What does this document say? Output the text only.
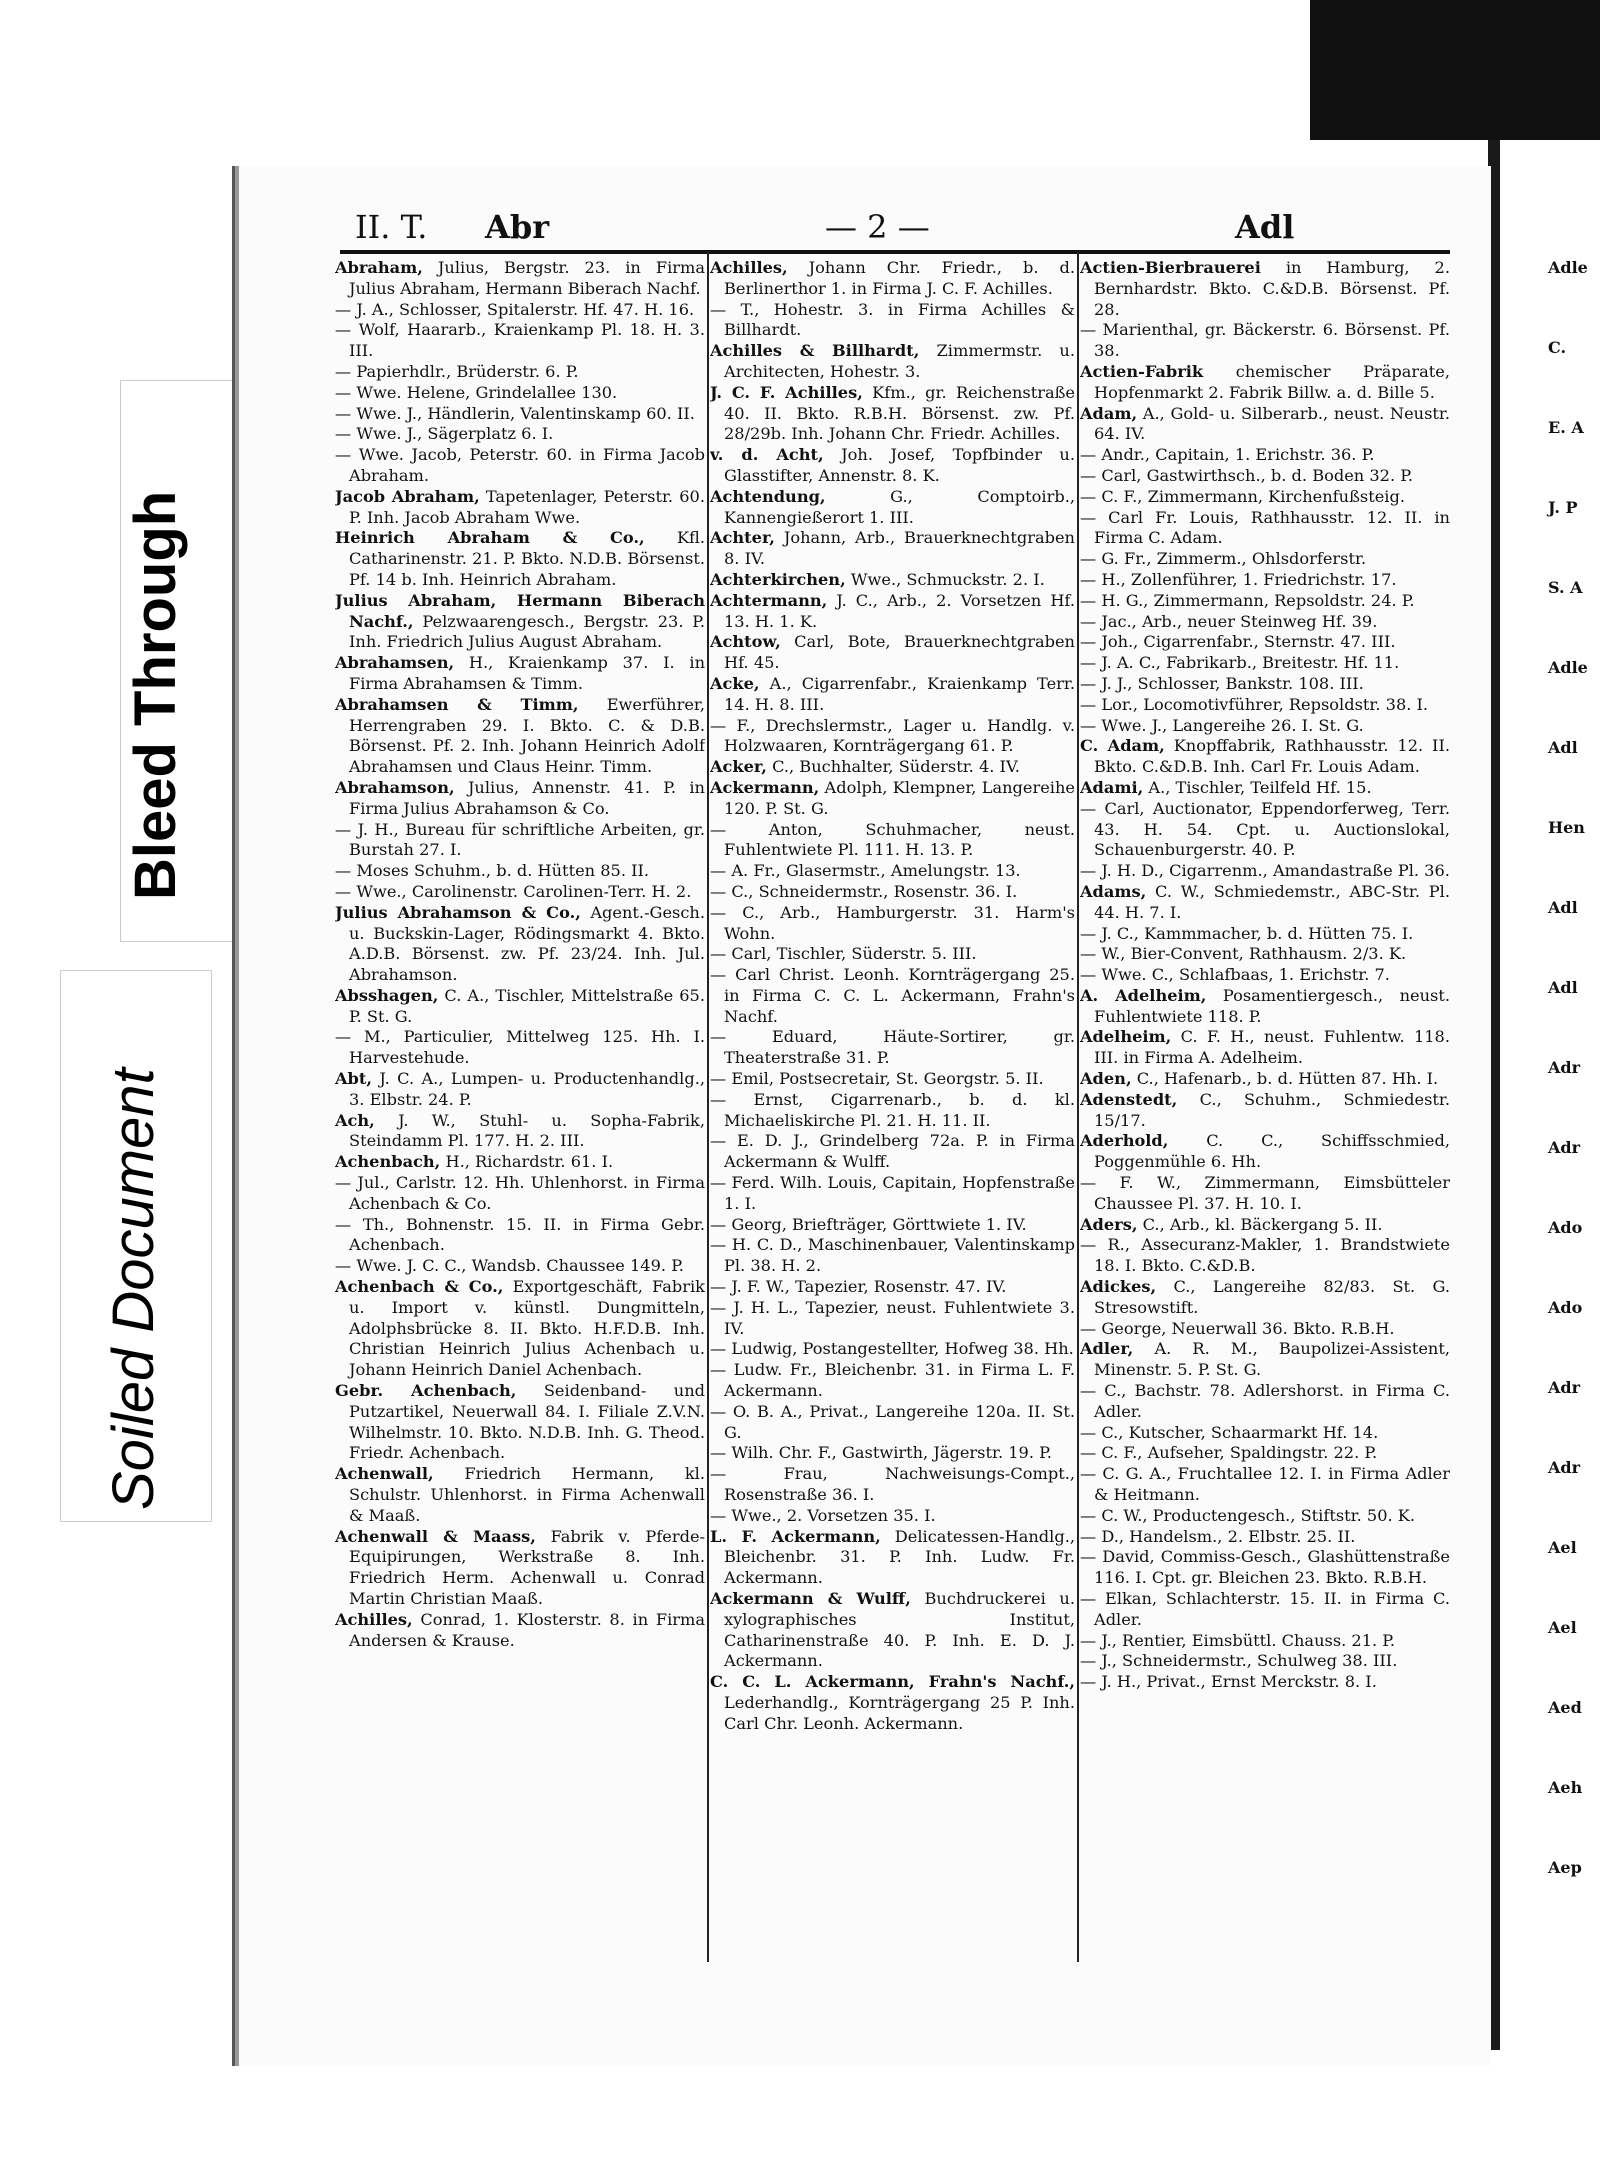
Bleed Through
Soiled Document
II. T. Abr	— 2 —	Adl
Abraham, Julius, Bergstr. 23. in Firma Julius Abraham, Hermann Biberach Nachf.
— J. A., Schlosser, Spitalerstr. Hf. 47. H. 16.
— Wolf, Haararb., Kraienkamp Pl. 18. H. 3. III.
— Papierhdlr., Brüderstr. 6. P.
— Wwe. Helene, Grindelallee 130.
— Wwe. J., Händlerin, Valentinskamp 60. II.
— Wwe. J., Sägerplatz 6. I.
— Wwe. Jacob, Peterstr. 60. in Firma Jacob Abraham.
Jacob Abraham, Tapetenlager, Peterstr. 60. P. Inh. Jacob Abraham Wwe.
Heinrich Abraham & Co., Kfl. Catharinenstr. 21. P. Bkto. N.D.B. Börsenst. Pf. 14 b. Inh. Heinrich Abraham.
Julius Abraham, Hermann Biberach Nachf., Pelzwaarengesch., Bergstr. 23. P. Inh. Friedrich Julius August Abraham.
Abrahamsen, H., Kraienkamp 37. I. in Firma Abrahamsen & Timm.
Abrahamsen & Timm, Ewerführer, Herrengraben 29. I. Bkto. C. & D.B. Börsenst. Pf. 2. Inh. Johann Heinrich Adolf Abrahamsen und Claus Heinr. Timm.
Abrahamson, Julius, Annenstr. 41. P. in Firma Julius Abrahamson & Co.
— J. H., Bureau für schriftliche Arbeiten, gr. Burstah 27. I.
— Moses Schuhm., b. d. Hütten 85. II.
— Wwe., Carolinenstr. Carolinen-Terr. H. 2.
Julius Abrahamson & Co., Agent.-Gesch. u. Buckskin-Lager, Rödingsmarkt 4. Bkto. A.D.B. Börsenst. zw. Pf. 23/24. Inh. Jul. Abrahamson.
Absshagen, C. A., Tischler, Mittelstraße 65. P. St. G.
— M., Particulier, Mittelweg 125. Hh. I. Harvestehude.
Abt, J. C. A., Lumpen- u. Productenhandlg., 3. Elbstr. 24. P.
Ach, J. W., Stuhl- u. Sopha-Fabrik, Steindamm Pl. 177. H. 2. III.
Achenbach, H., Richardstr. 61. I.
— Jul., Carlstr. 12. Hh. Uhlenhorst. in Firma Achenbach & Co.
— Th., Bohnenstr. 15. II. in Firma Gebr. Achenbach.
— Wwe. J. C. C., Wandsb. Chaussee 149. P.
Achenbach & Co., Exportgeschäft, Fabrik u. Import v. künstl. Dungmitteln, Adolphsbrücke 8. II. Bkto. H.F.D.B. Inh. Christian Heinrich Julius Achenbach u. Johann Heinrich Daniel Achenbach.
Gebr. Achenbach, Seidenband- und Putzartikel, Neuerwall 84. I. Filiale Z.V.N. Wilhelmstr. 10. Bkto. N.D.B. Inh. G. Theod. Friedr. Achenbach.
Achenwall, Friedrich Hermann, kl. Schulstr. Uhlenhorst. in Firma Achenwall & Maaß.
Achenwall & Maass, Fabrik v. Pferde-Equipirungen, Werkstraße 8. Inh. Friedrich Herm. Achenwall u. Conrad Martin Christian Maaß.
Achilles, Conrad, 1. Klosterstr. 8. in Firma Andersen & Krause.
Achilles, Johann Chr. Friedr., b. d. Berlinerthor 1. in Firma J. C. F. Achilles.
— T., Hohestr. 3. in Firma Achilles & Billhardt.
Achilles & Billhardt, Zimmermstr. u. Architecten, Hohestr. 3.
J. C. F. Achilles, Kfm., gr. Reichenstraße 40. II. Bkto. R.B.H. Börsenst. zw. Pf. 28/29b. Inh. Johann Chr. Friedr. Achilles.
v. d. Acht, Joh. Josef, Topfbinder u. Glasstifter, Annenstr. 8. K.
Achtendung, G., Comptoirb., Kannengießerort 1. III.
Achter, Johann, Arb., Brauerknechtgraben 8. IV.
Achterkirchen, Wwe., Schmuckstr. 2. I.
Achtermann, J. C., Arb., 2. Vorsetzen Hf. 13. H. 1. K.
Achtow, Carl, Bote, Brauerknechtgraben Hf. 45.
Acke, A., Cigarrenfabr., Kraienkamp Terr. 14. H. 8. III.
— F., Drechslermstr., Lager u. Handlg. v. Holzwaaren, Kornträgergang 61. P.
Acker, C., Buchhalter, Süderstr. 4. IV.
Ackermann, Adolph, Klempner, Langereihe 120. P. St. G.
— Anton, Schuhmacher, neust. Fuhlentwiete Pl. 111. H. 13. P.
— A. Fr., Glasermstr., Amelungstr. 13.
— C., Schneidermstr., Rosenstr. 36. I.
— C., Arb., Hamburgerstr. 31. Harm's Wohn.
— Carl, Tischler, Süderstr. 5. III.
— Carl Christ. Leonh. Kornträgergang 25. in Firma C. C. L. Ackermann, Frahn's Nachf.
— Eduard, Häute-Sortirer, gr. Theaterstraße 31. P.
— Emil, Postsecretair, St. Georgstr. 5. II.
— Ernst, Cigarrenarb., b. d. kl. Michaeliskirche Pl. 21. H. 11. II.
— E. D. J., Grindelberg 72a. P. in Firma Ackermann & Wulff.
— Ferd. Wilh. Louis, Capitain, Hopfenstraße 1. I.
— Georg, Briefträger, Görttwiete 1. IV.
— H. C. D., Maschinenbauer, Valentinskamp Pl. 38. H. 2.
— J. F. W., Tapezier, Rosenstr. 47. IV.
— J. H. L., Tapezier, neust. Fuhlentwiete 3. IV.
— Ludwig, Postangestellter, Hofweg 38. Hh.
— Ludw. Fr., Bleichenbr. 31. in Firma L. F. Ackermann.
— O. B. A., Privat., Langereihe 120a. II. St. G.
— Wilh. Chr. F., Gastwirth, Jägerstr. 19. P.
— Frau, Nachweisungs-Compt., Rosenstraße 36. I.
— Wwe., 2. Vorsetzen 35. I.
L. F. Ackermann, Delicatessen-Handlg., Bleichenbr. 31. P. Inh. Ludw. Fr. Ackermann.
Ackermann & Wulff, Buchdruckerei u. xylographisches Institut, Catharinenstraße 40. P. Inh. E. D. J. Ackermann.
C. C. L. Ackermann, Frahn's Nachf., Lederhandlg., Kornträgergang 25 P. Inh. Carl Chr. Leonh. Ackermann.
Actien-Bierbrauerei in Hamburg, 2. Bernhardstr. Bkto. C.&D.B. Börsenst. Pf. 28.
— Marienthal, gr. Bäckerstr. 6. Börsenst. Pf. 38.
Actien-Fabrik chemischer Präparate, Hopfenmarkt 2. Fabrik Billw. a. d. Bille 5.
Adam, A., Gold- u. Silberarb., neust. Neustr. 64. IV.
— Andr., Capitain, 1. Erichstr. 36. P.
— Carl, Gastwirthsch., b. d. Boden 32. P.
— C. F., Zimmermann, Kirchenfußsteig.
— Carl Fr. Louis, Rathhausstr. 12. II. in Firma C. Adam.
— G. Fr., Zimmerm., Ohlsdorferstr.
— H., Zollenführer, 1. Friedrichstr. 17.
— H. G., Zimmermann, Repsoldstr. 24. P.
— Jac., Arb., neuer Steinweg Hf. 39.
— Joh., Cigarrenfabr., Sternstr. 47. III.
— J. A. C., Fabrikarb., Breitestr. Hf. 11.
— J. J., Schlosser, Bankstr. 108. III.
— Lor., Locomotivführer, Repsoldstr. 38. I.
— Wwe. J., Langereihe 26. I. St. G.
C. Adam, Knopffabrik, Rathhausstr. 12. II. Bkto. C.&D.B. Inh. Carl Fr. Louis Adam.
Adami, A., Tischler, Teilfeld Hf. 15.
— Carl, Auctionator, Eppendorferweg, Terr. 43. H. 54. Cpt. u. Auctionslokal, Schauenburgerstr. 40. P.
— J. H. D., Cigarrenm., Amandastraße Pl. 36.
Adams, C. W., Schmiedemstr., ABC-Str. Pl. 44. H. 7. I.
— J. C., Kammmacher, b. d. Hütten 75. I.
— W., Bier-Convent, Rathhausm. 2/3. K.
— Wwe. C., Schlafbaas, 1. Erichstr. 7.
A. Adelheim, Posamentiergesch., neust. Fuhlentwiete 118. P.
Adelheim, C. F. H., neust. Fuhlentw. 118. III. in Firma A. Adelheim.
Aden, C., Hafenarb., b. d. Hütten 87. Hh. I.
Adenstedt, C., Schuhm., Schmiedestr. 15/17.
Aderhold, C. C., Schiffsschmied, Poggenmühle 6. Hh.
— F. W., Zimmermann, Eimsbütteler Chaussee Pl. 37. H. 10. I.
Aders, C., Arb., kl. Bäckergang 5. II.
— R., Assecuranz-Makler, 1. Brandstwiete 18. I. Bkto. C.&D.B.
Adickes, C., Langereihe 82/83. St. G. Stresowstift.
— George, Neuerwall 36. Bkto. R.B.H.
Adler, A. R. M., Baupolizei-Assistent, Minenstr. 5. P. St. G.
— C., Bachstr. 78. Adlershorst. in Firma C. Adler.
— C., Kutscher, Schaarmarkt Hf. 14.
— C. F., Aufseher, Spaldingstr. 22. P.
— C. G. A., Fruchtallee 12. I. in Firma Adler & Heitmann.
— C. W., Productengesch., Stiftstr. 50. K.
— D., Handelsm., 2. Elbstr. 25. II.
— David, Commiss-Gesch., Glashüttenstraße 116. I. Cpt. gr. Bleichen 23. Bkto. R.B.H.
— Elkan, Schlachterstr. 15. II. in Firma C. Adler.
— J., Rentier, Eimsbüttl. Chauss. 21. P.
— J., Schneidermstr., Schulweg 38. III.
— J. H., Privat., Ernst Merckstr. 8. I.
Adle
C.
E. A
J. P
S. A
Adle
Adl
Hen
Adl
Adl
Adr
Adr
Ado
Ado
Adr
Adr
Ael
Ael
Aed
Aeh
Aep
